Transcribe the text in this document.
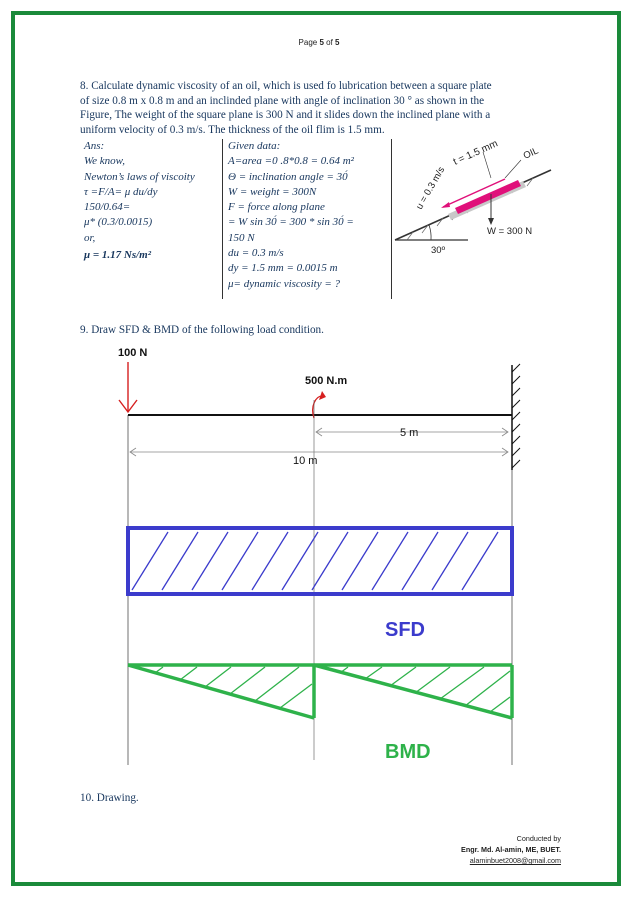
Page 5 of 5
8. Calculate dynamic viscosity of an oil, which is used fo lubrication between a square plate
of size 0.8 m x 0.8 m and an inclinded plane with angle of inclination 30 ° as shown in the
Figure, The weight of the square plane is 300 N and it slides down the inclined plane with a
uniform velocity of 0.3 m/s. The thickness of the oil flim is 1.5 mm.
Ans:
We know,
Newton’s laws of viscoity
τ =F/A= μ du/dy
150/0.64=
μ* (0.3/0.0015)
or,
μ = 1.17 Ns/m²
Given data:
A=area =0 .8*0.8 = 0.64 m²
Θ = inclination angle = 30́
W = weight = 300N
F = force along plane
= W sin 30́ = 300 * sin 30́ =
150 N
du = 0.3 m/s
dy = 1.5 mm = 0.0015 m
μ= dynamic viscosity = ?
t = 1.5 mm OIL
u = 0.3 m/s
W = 300 N
30º
9. Draw SFD & BMD of the following load condition.
100 N
500 N.m
5 m
10 m
SFD
BMD
10. Drawing.
Conducted by
Engr. Md. Al-amin, ME, BUET.
alaminbuet2008@gmail.com
